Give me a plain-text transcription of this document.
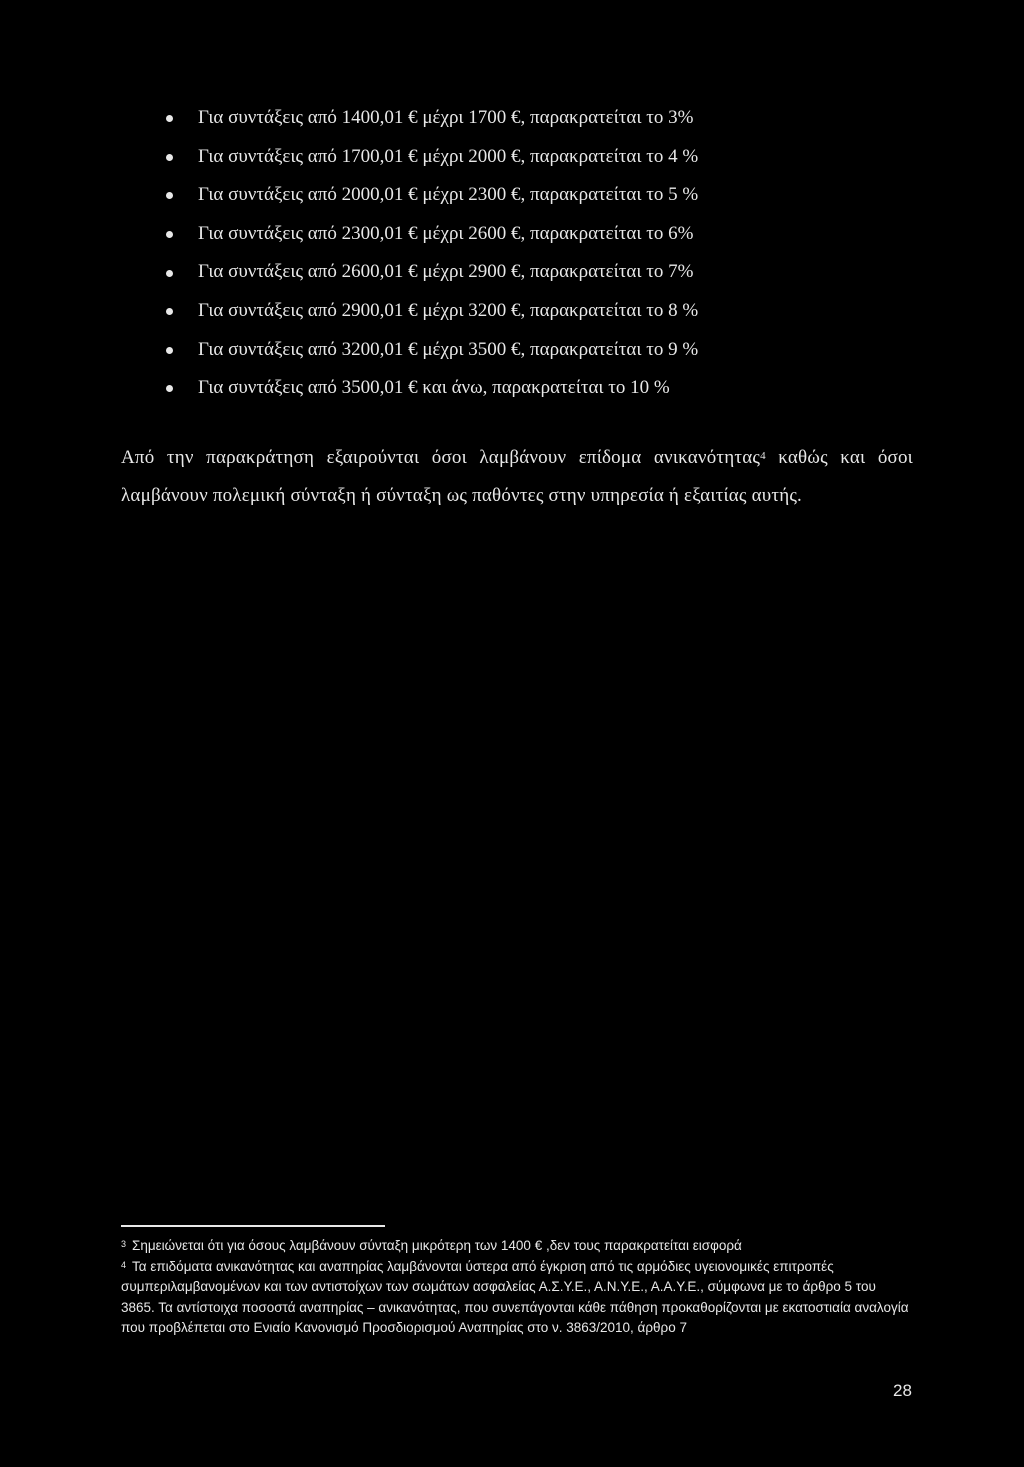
Για συντάξεις από 1400,01 € μέχρι 1700 €, παρακρατείται το 3%
Για συντάξεις από 1700,01 € μέχρι 2000 €, παρακρατείται το 4 %
Για συντάξεις από 2000,01 € μέχρι 2300 €, παρακρατείται το 5 %
Για συντάξεις από 2300,01 € μέχρι 2600 €, παρακρατείται το 6%
Για συντάξεις από 2600,01 € μέχρι 2900 €, παρακρατείται το 7%
Για συντάξεις από 2900,01 € μέχρι 3200 €, παρακρατείται το 8 %
Για συντάξεις από 3200,01 € μέχρι 3500 €, παρακρατείται το 9 %
Για συντάξεις από 3500,01 € και άνω, παρακρατείται το 10 %

Από την παρακράτηση εξαιρούνται όσοι λαμβάνουν επίδομα ανικανότητας$^4$ καθώς και όσοι λαμβάνουν πολεμική σύνταξη ή σύνταξη ως παθόντες στην υπηρεσία ή εξαιτίας αυτής.

$^3$ Σημειώνεται ότι για όσους λαμβάνουν σύνταξη μικρότερη των 1400 € ,δεν τους παρακρατείται εισφορά
$^4$ Τα επιδόματα ανικανότητας και αναπηρίας λαμβάνονται ύστερα από έγκριση από τις αρμόδιες υγειονομικές επιτροπές συμπεριλαμβανομένων και των αντιστοίχων των σωμάτων ασφαλείας Α.Σ.Υ.Ε., Α.Ν.Υ.Ε., Α.Α.Υ.Ε., σύμφωνα με το άρθρο 5 του 3865. Τα αντίστοιχα ποσοστά αναπηρίας – ανικανότητας, που συνεπάγονται κάθε πάθηση προκαθορίζονται με εκατοστιαία αναλογία που προβλέπεται στο Ενιαίο Κανονισμό Προσδιορισμού Αναπηρίας στο ν. 3863/2010, άρθρο 7
28
